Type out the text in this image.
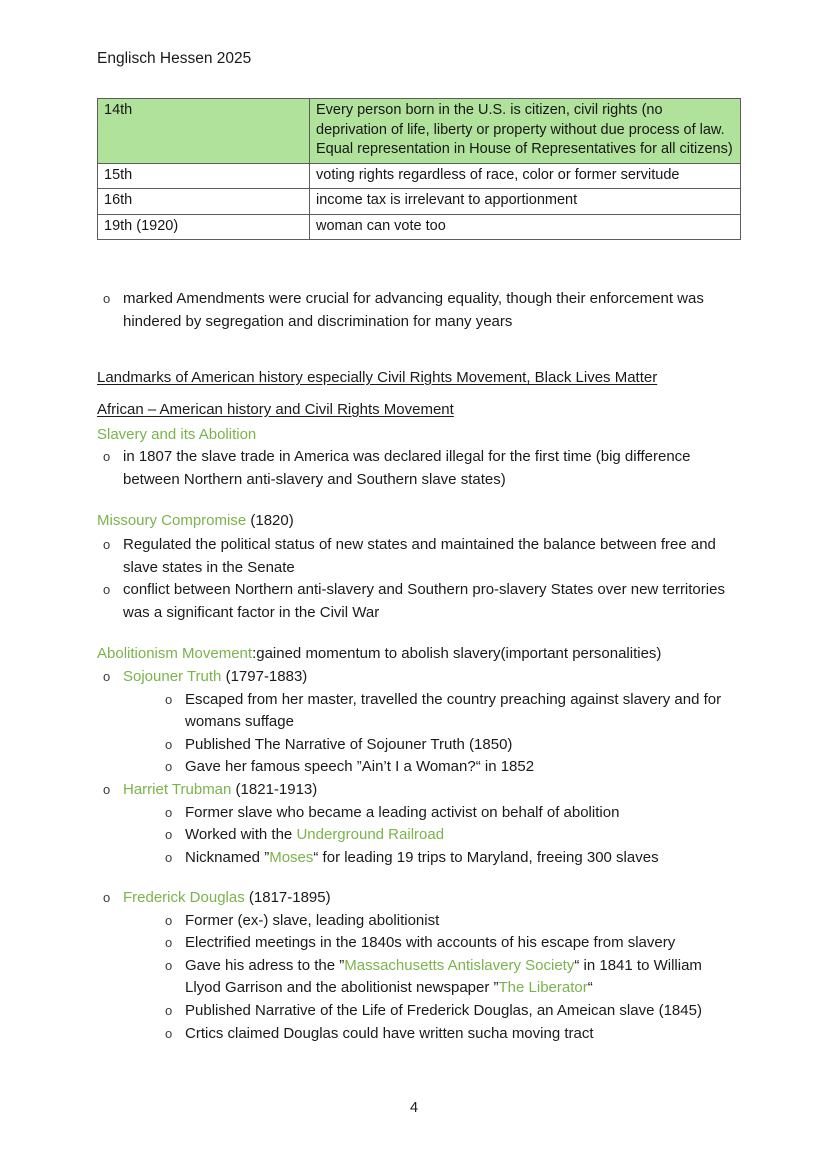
Englisch Hessen 2025
14th	Every person born in the U.S. is citizen, civil rights (no deprivation of life, liberty or property without due process of law. Equal representation in House of Representatives for all citizens)
15th	voting rights regardless of race, color or former servitude
16th	income tax is irrelevant to apportionment
19th (1920)	woman can vote too
o marked Amendments were crucial for advancing equality, though their enforcement was hindered by segregation and discrimination for many years
Landmarks of American history especially Civil Rights Movement, Black Lives Matter
African – American history and Civil Rights Movement
Slavery and its Abolition
o in 1807 the slave trade in America was declared illegal for the first time (big difference between Northern anti-slavery and Southern slave states)
Missoury Compromise (1820)
o Regulated the political status of new states and maintained the balance between free and slave states in the Senate
o conflict between Northern anti-slavery and Southern pro-slavery States over new territories was a significant factor in the Civil War
Abolitionism Movement:gained momentum to abolish slavery(important personalities)
o Sojouner Truth (1797-1883)
o Escaped from her master, travelled the country preaching against slavery and for womans suffage
o Published The Narrative of Sojouner Truth (1850)
o Gave her famous speech ”Ain’t I a Woman?“ in 1852
o Harriet Trubman (1821-1913)
o Former slave who became a leading activist on behalf of abolition
o Worked with the Underground Railroad
o Nicknamed ”Moses“ for leading 19 trips to Maryland, freeing 300 slaves
o Frederick Douglas (1817-1895)
o Former (ex-) slave, leading abolitionist
o Electrified meetings in the 1840s with accounts of his escape from slavery
o Gave his adress to the ”Massachusetts Antislavery Society“ in 1841 to William Llyod Garrison and the abolitionist newspaper ”The Liberator“
o Published Narrative of the Life of Frederick Douglas, an Ameican slave (1845)
o Crtics claimed Douglas could have written sucha moving tract
4
